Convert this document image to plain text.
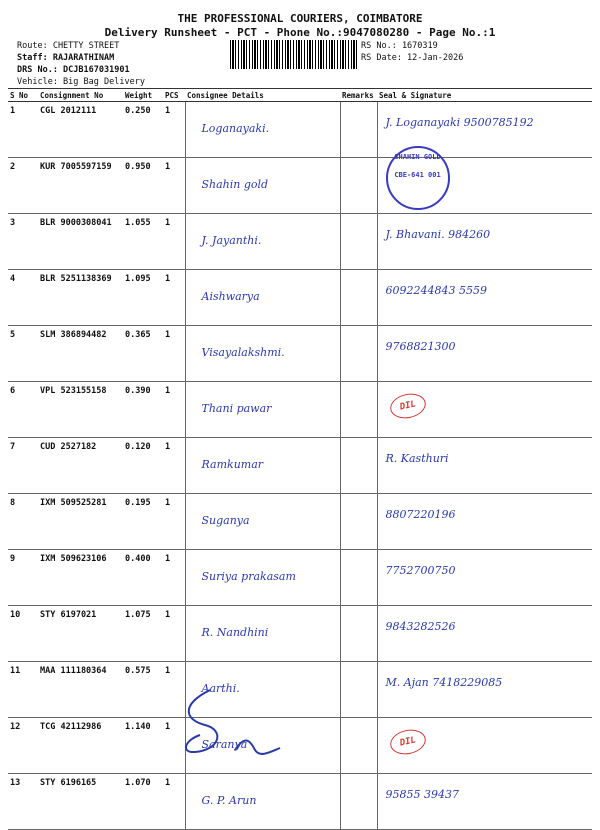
THE PROFESSIONAL COURIERS, COIMBATORE
Delivery Runsheet - PCT - Phone No.:9047080280 - Page No.:1
Route: CHETTY STREET
Staff: RAJARATHINAM
DRS No.: DCJB167031901
Vehicle: Big Bag Delivery
RS No.: 1670319
RS Date: 12-Jan-2026
S No	Consignment No	Weight	PCS	Consignee Details	Remarks	Seal & Signature
1	CGL 2012111	0.250	1	Loganayaki.		J. Loganayaki 9500785192

2	KUR 7005597159	0.950	1	Shahin gold		SHAHIN GOLD CBE-641 001

3	BLR 9000308041	1.055	1	J. Jayanthi.		J. Bhavani. 984260

4	BLR 5251138369	1.095	1	Aishwarya		6092244843 5559

5	SLM 386894482	0.365	1	Visayalakshmi.		9768821300

6	VPL 523155158	0.390	1	Thani pawar		DIL

7	CUD 2527182	0.120	1	Ramkumar		R. Kasthuri

8	IXM 509525281	0.195	1	Suganya		8807220196

9	IXM 509623106	0.400	1	Suriya prakasam		7752700750

10	STY 6197021	1.075	1	R. Nandhini		9843282526

11	MAA 111180364	0.575	1	Aarthi.		M. Ajan 7418229085

12	TCG 42112986	1.140	1	Saranya		DIL

13	STY 6196165	1.070	1	G. P. Arun		95855 39437
